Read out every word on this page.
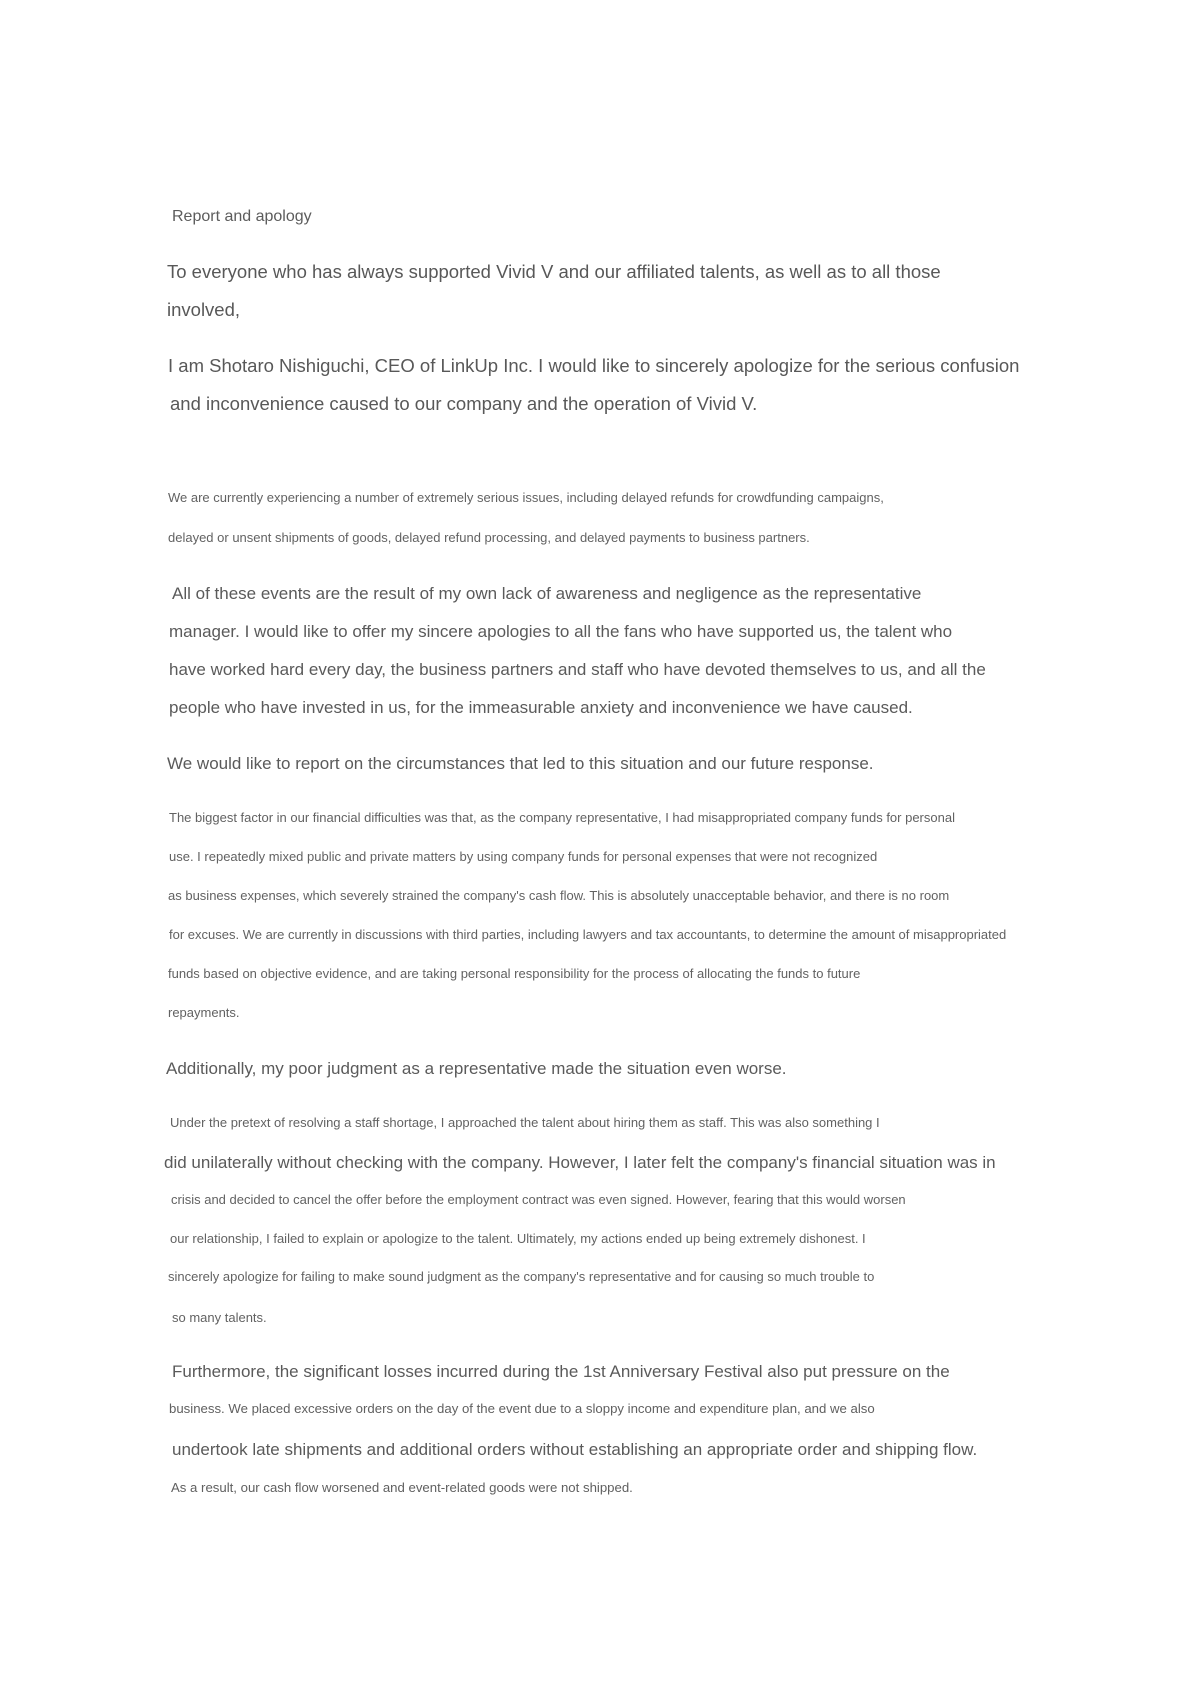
Report and apology
To everyone who has always supported Vivid V and our affiliated talents, as well as to all those
involved,
I am Shotaro Nishiguchi, CEO of LinkUp Inc. I would like to sincerely apologize for the serious confusion
and inconvenience caused to our company and the operation of Vivid V.
We are currently experiencing a number of extremely serious issues, including delayed refunds for crowdfunding campaigns,
delayed or unsent shipments of goods, delayed refund processing, and delayed payments to business partners.
All of these events are the result of my own lack of awareness and negligence as the representative
manager. I would like to offer my sincere apologies to all the fans who have supported us, the talent who
have worked hard every day, the business partners and staff who have devoted themselves to us, and all the
people who have invested in us, for the immeasurable anxiety and inconvenience we have caused.
We would like to report on the circumstances that led to this situation and our future response.
The biggest factor in our financial difficulties was that, as the company representative, I had misappropriated company funds for personal
use. I repeatedly mixed public and private matters by using company funds for personal expenses that were not recognized
as business expenses, which severely strained the company's cash flow. This is absolutely unacceptable behavior, and there is no room
for excuses. We are currently in discussions with third parties, including lawyers and tax accountants, to determine the amount of misappropriated
funds based on objective evidence, and are taking personal responsibility for the process of allocating the funds to future
repayments.
Additionally, my poor judgment as a representative made the situation even worse.
Under the pretext of resolving a staff shortage, I approached the talent about hiring them as staff. This was also something I
did unilaterally without checking with the company. However, I later felt the company's financial situation was in
crisis and decided to cancel the offer before the employment contract was even signed. However, fearing that this would worsen
our relationship, I failed to explain or apologize to the talent. Ultimately, my actions ended up being extremely dishonest. I
sincerely apologize for failing to make sound judgment as the company's representative and for causing so much trouble to
so many talents.
Furthermore, the significant losses incurred during the 1st Anniversary Festival also put pressure on the
business. We placed excessive orders on the day of the event due to a sloppy income and expenditure plan, and we also
undertook late shipments and additional orders without establishing an appropriate order and shipping flow.
As a result, our cash flow worsened and event-related goods were not shipped.
